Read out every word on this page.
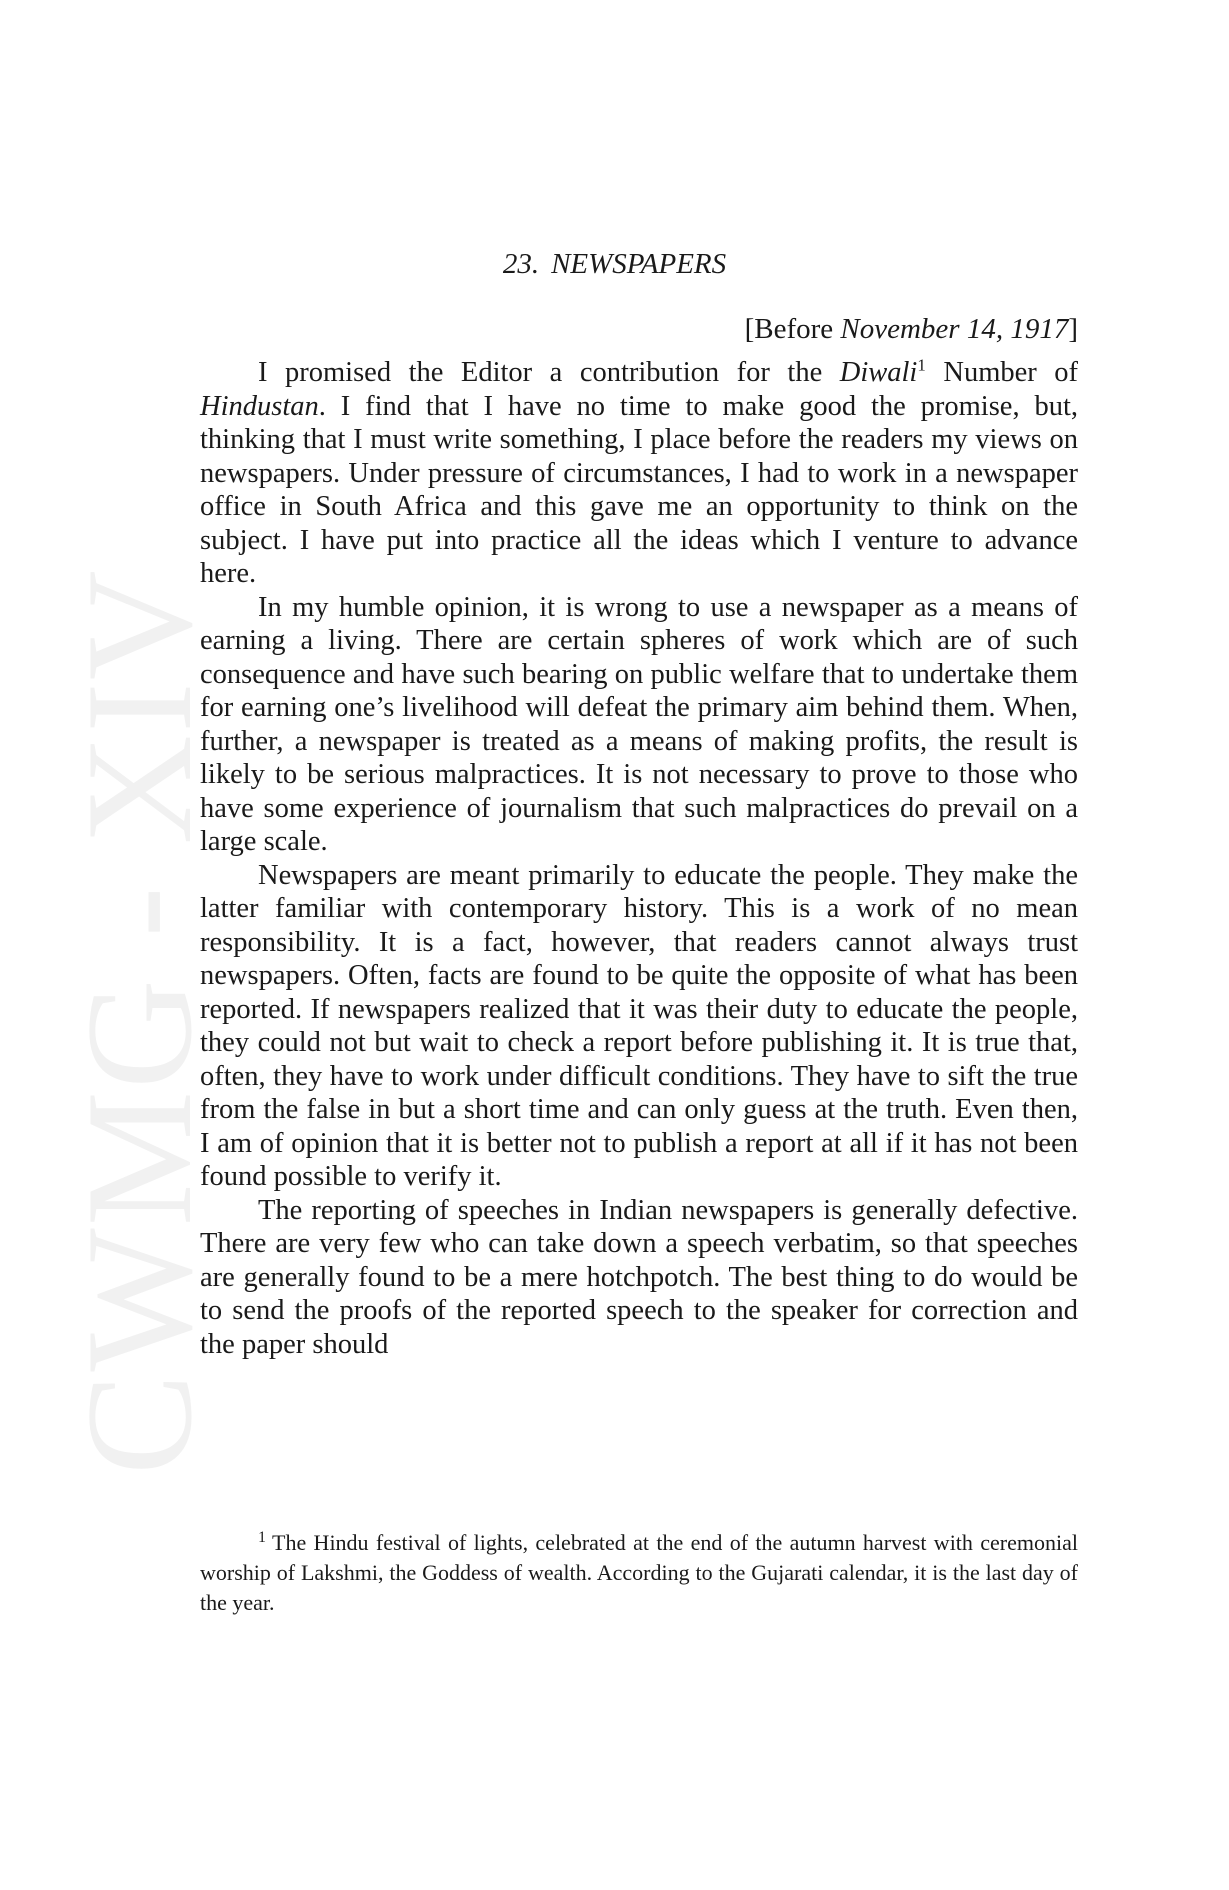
CWMG - XIV
23. NEWSPAPERS
[Before November 14, 1917]

I promised the Editor a contribution for the Diwali$^1$ Number of Hindustan. I find that I have no time to make good the promise, but, thinking that I must write something, I place before the readers my views on newspapers. Under pressure of circumstances, I had to work in a newspaper office in South Africa and this gave me an opportunity to think on the subject. I have put into practice all the ideas which I venture to advance here.

In my humble opinion, it is wrong to use a newspaper as a means of earning a living. There are certain spheres of work which are of such consequence and have such bearing on public welfare that to undertake them for earning one’s livelihood will defeat the primary aim behind them. When, further, a newspaper is treated as a means of making profits, the result is likely to be serious malpractices. It is not necessary to prove to those who have some experience of journalism that such malpractices do prevail on a large scale.

Newspapers are meant primarily to educate the people. They make the latter familiar with contemporary history. This is a work of no mean responsibility. It is a fact, however, that readers cannot always trust newspapers. Often, facts are found to be quite the opposite of what has been reported. If newspapers realized that it was their duty to educate the people, they could not but wait to check a report before publishing it. It is true that, often, they have to work under difficult conditions. They have to sift the true from the false in but a short time and can only guess at the truth. Even then, I am of opinion that it is better not to publish a report at all if it has not been found possible to verify it.

The reporting of speeches in Indian newspapers is generally defective. There are very few who can take down a speech verbatim, so that speeches are generally found to be a mere hotchpotch. The best thing to do would be to send the proofs of the reported speech to the speaker for correction and the paper should

$^1$ The Hindu festival of lights, celebrated at the end of the autumn harvest with ceremonial worship of Lakshmi, the Goddess of wealth. According to the Gujarati calendar, it is the last day of the year.
